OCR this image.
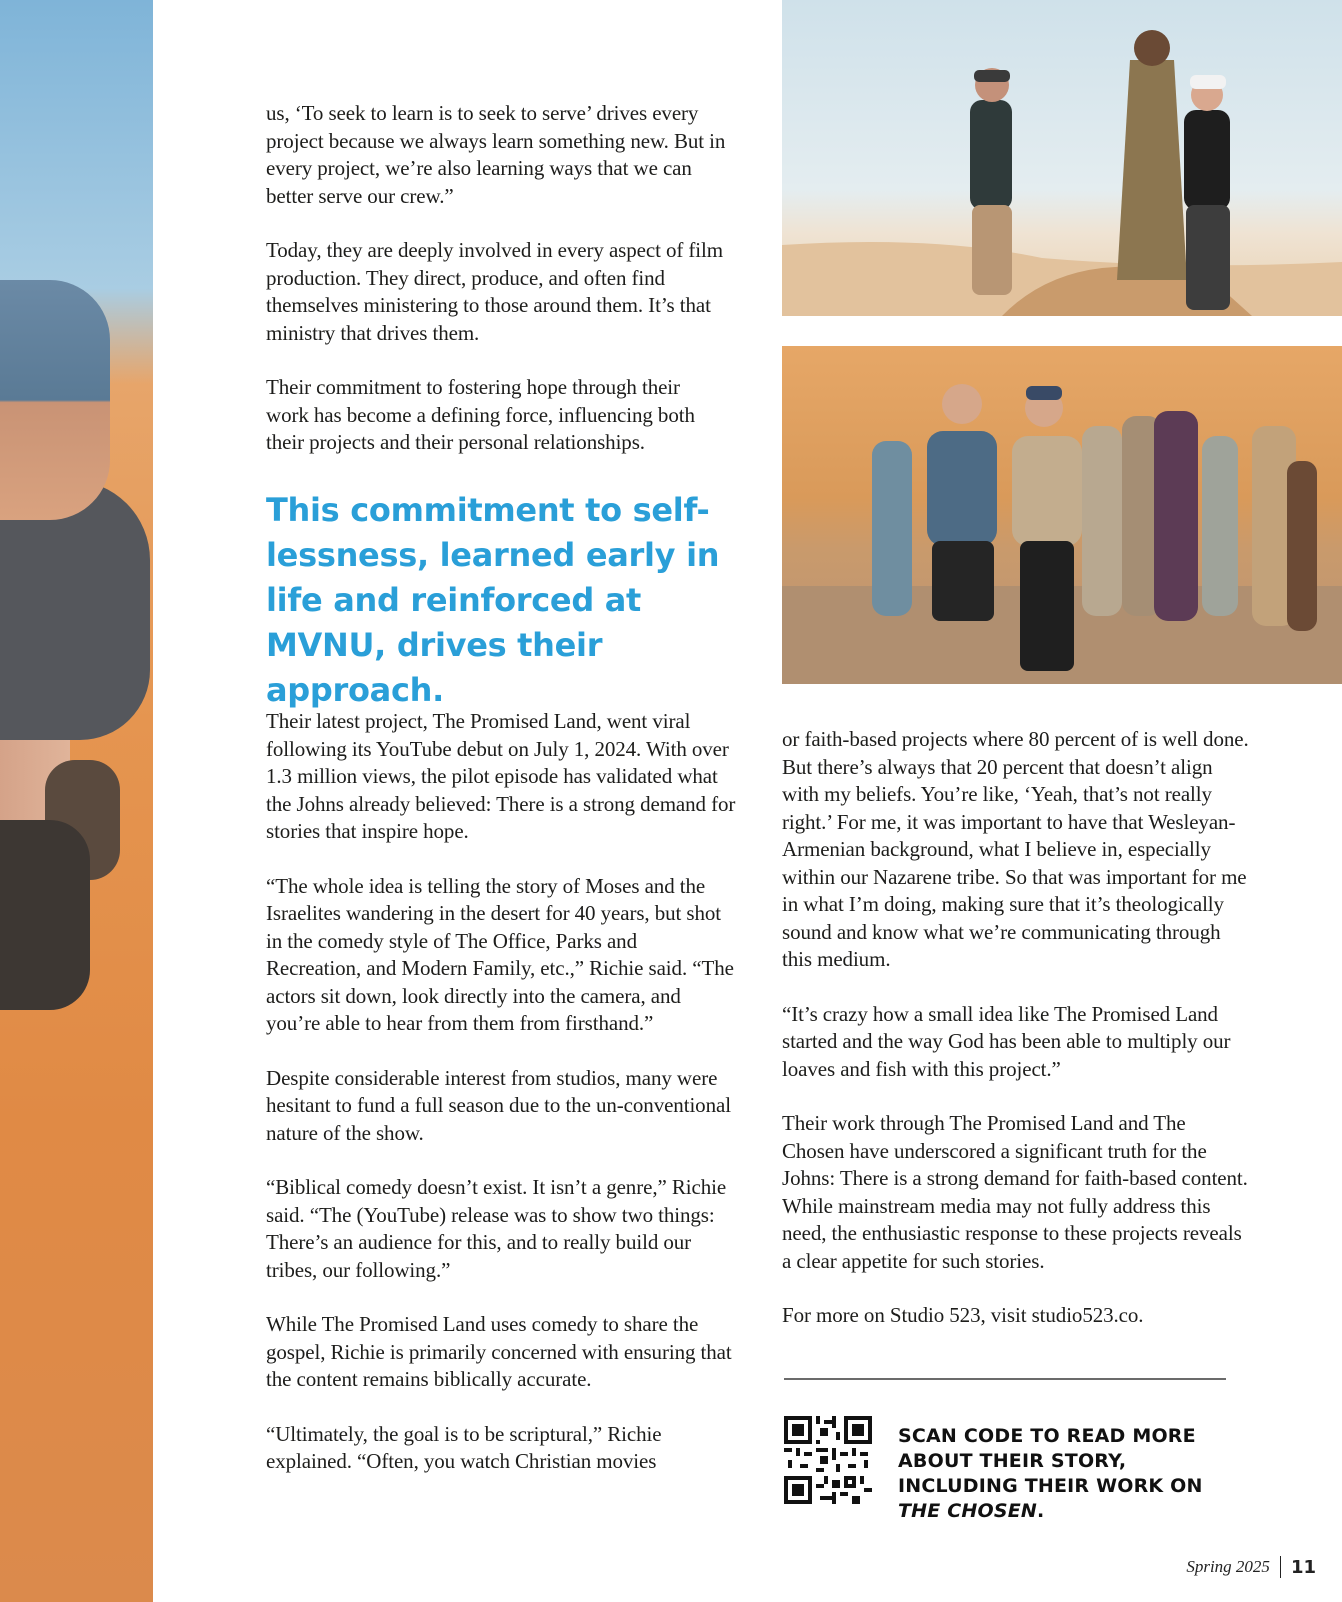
us, ‘To seek to learn is to seek to serve’ drives every project because we always learn something new. But in every project, we’re also learning ways that we can better serve our crew.”

Today, they are deeply involved in every aspect of film production. They direct, produce, and often find themselves ministering to those around them. It’s that ministry that drives them.

Their commitment to fostering hope through their work has become a defining force, influencing both their projects and their personal relationships.

This commitment to self-lessness, learned early in life and reinforced at MVNU, drives their approach.

Their latest project, The Promised Land, went viral following its YouTube debut on July 1, 2024. With over 1.3 million views, the pilot episode has validated what the Johns already believed: There is a strong demand for stories that inspire hope.

“The whole idea is telling the story of Moses and the Israelites wandering in the desert for 40 years, but shot in the comedy style of The Office, Parks and Recreation, and Modern Family, etc.,” Richie said. “The actors sit down, look directly into the camera, and you’re able to hear from them from firsthand.”

Despite considerable interest from studios, many were hesitant to fund a full season due to the un-conventional nature of the show.

“Biblical comedy doesn’t exist. It isn’t a genre,” Richie said. “The (YouTube) release was to show two things: There’s an audience for this, and to really build our tribes, our following.”

While The Promised Land uses comedy to share the gospel, Richie is primarily concerned with ensuring that the content remains biblically accurate.

“Ultimately, the goal is to be scriptural,” Richie explained. “Often, you watch Christian movies

or faith-based projects where 80 percent of is well done. But there’s always that 20 percent that doesn’t align with my beliefs. You’re like, ‘Yeah, that’s not really right.’ For me, it was important to have that Wesleyan-Armenian background, what I believe in, especially within our Nazarene tribe. So that was important for me in what I’m doing, making sure that it’s theologically sound and know what we’re communicating through this medium.

“It’s crazy how a small idea like The Promised Land started and the way God has been able to multiply our loaves and fish with this project.”

Their work through The Promised Land and The Chosen have underscored a significant truth for the Johns: There is a strong demand for faith-based content. While mainstream media may not fully address this need, the enthusiastic response to these projects reveals a clear appetite for such stories.

For more on Studio 523, visit studio523.co.

SCAN CODE TO READ MORE ABOUT THEIR STORY, INCLUDING THEIR WORK ON THE CHOSEN.

Spring 2025 11
